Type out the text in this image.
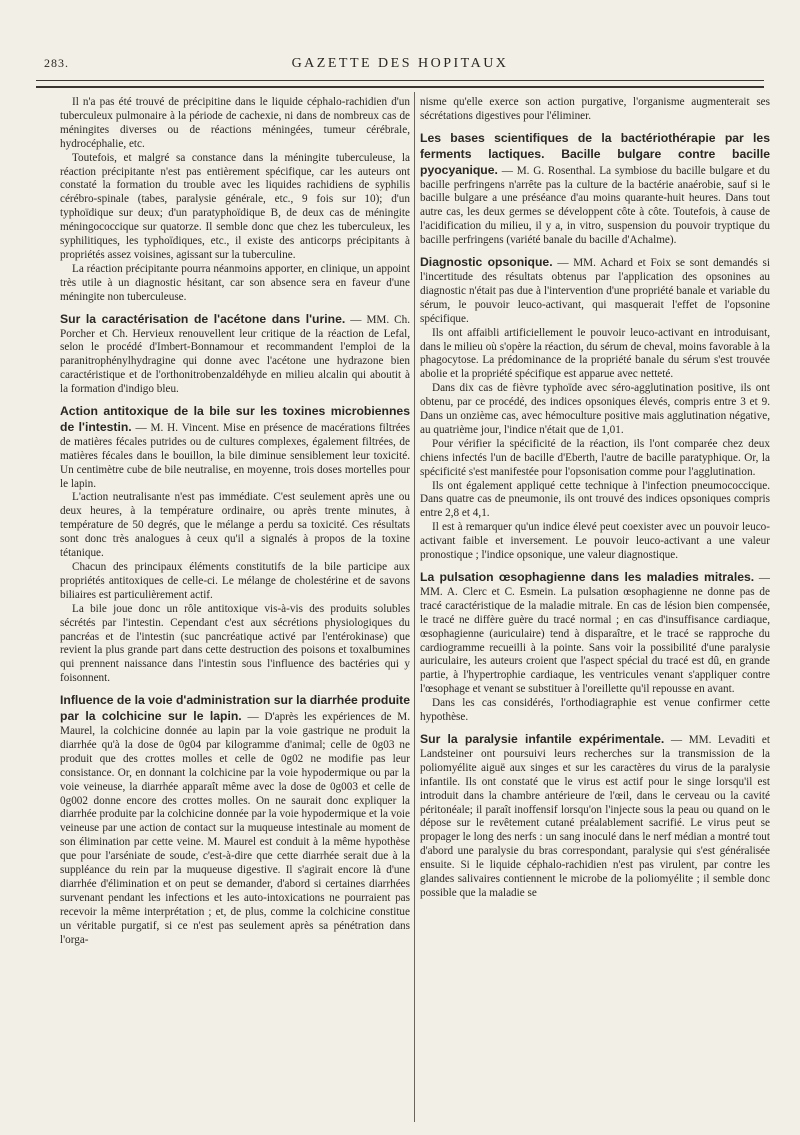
283.	GAZETTE DES HOPITAUX

Il n'a pas été trouvé de précipitine dans le liquide céphalo-rachidien d'un tuberculeux pulmonaire à la période de cachexie, ni dans de nombreux cas de méningites diverses ou de réactions méningées, tumeur cérébrale, hydrocéphalie, etc.

Toutefois, et malgré sa constance dans la méningite tuberculeuse, la réaction précipitante n'est pas entièrement spécifique, car les auteurs ont constaté la formation du trouble avec les liquides rachidiens de syphilis cérébro-spinale (tabes, paralysie générale, etc., 9 fois sur 10); d'un typhoïdique sur deux; d'un paratyphoïdique B, de deux cas de méningite méningococcique sur quatorze. Il semble donc que chez les tuberculeux, les syphilitiques, les typhoïdiques, etc., il existe des anticorps précipitants à propriétés assez voisines, agissant sur la tuberculine.

La réaction précipitante pourra néanmoins apporter, en clinique, un appoint très utile à un diagnostic hésitant, car son absence sera en faveur d'une méningite non tuberculeuse.

Sur la caractérisation de l'acétone dans l'urine. — MM. Ch. Porcher et Ch. Hervieux renouvellent leur critique de la réaction de Lefal, selon le procédé d'Imbert-Bonnamour et recommandent l'emploi de la paranitrophénylhydragine qui donne avec l'acétone une hydrazone bien caractéristique et de l'orthonitrobenzaldéhyde en milieu alcalin qui aboutit à la formation d'indigo bleu.

Action antitoxique de la bile sur les toxines microbiennes de l'intestin. — M. H. Vincent. Mise en présence de macérations filtrées de matières fécales putrides ou de cultures complexes, également filtrées, de matières fécales dans le bouillon, la bile diminue sensiblement leur toxicité. Un centimètre cube de bile neutralise, en moyenne, trois doses mortelles pour le lapin.

L'action neutralisante n'est pas immédiate. C'est seulement après une ou deux heures, à la température ordinaire, ou après trente minutes, à température de 50 degrés, que le mélange a perdu sa toxicité. Ces résultats sont donc très analogues à ceux qu'il a signalés à propos de la toxine tétanique.

Chacun des principaux éléments constitutifs de la bile participe aux propriétés antitoxiques de celle-ci. Le mélange de cholestérine et de savons biliaires est particulièrement actif.

La bile joue donc un rôle antitoxique vis-à-vis des produits solubles sécrétés par l'intestin. Cependant c'est aux sécrétions physiologiques du pancréas et de l'intestin (suc pancréatique activé par l'entérokinase) que revient la plus grande part dans cette destruction des poisons et toxalbumines qui prennent naissance dans l'intestin sous l'influence des bactéries qui y foisonnent.

Influence de la voie d'administration sur la diarrhée produite par la colchicine sur le lapin. — D'après les expériences de M. Maurel, la colchicine donnée au lapin par la voie gastrique ne produit la diarrhée qu'à la dose de 0g04 par kilogramme d'animal; celle de 0g03 ne produit que des crottes molles et celle de 0g02 ne modifie pas leur consistance. Or, en donnant la colchicine par la voie hypodermique ou par la voie veineuse, la diarrhée apparaît même avec la dose de 0g003 et celle de 0g002 donne encore des crottes molles. On ne saurait donc expliquer la diarrhée produite par la colchicine donnée par la voie hypodermique et la voie veineuse par une action de contact sur la muqueuse intestinale au moment de son élimination par cette veine. M. Maurel est conduit à la même hypothèse que pour l'arséniate de soude, c'est-à-dire que cette diarrhée serait due à la suppléance du rein par la muqueuse digestive. Il s'agirait encore là d'une diarrhée d'élimination et on peut se demander, d'abord si certaines diarrhées survenant pendant les infections et les auto-intoxications ne pourraient pas recevoir la même interprétation ; et, de plus, comme la colchicine constitue un véritable purgatif, si ce n'est pas seulement après sa pénétration dans l'orga-

nisme qu'elle exerce son action purgative, l'organisme augmenterait ses sécrétations digestives pour l'éliminer.

Les bases scientifiques de la bactériothérapie par les ferments lactiques. Bacille bulgare contre bacille pyocyanique. — M. G. Rosenthal. La symbiose du bacille bulgare et du bacille perfringens n'arrête pas la culture de la bactérie anaérobie, sauf si le bacille bulgare a une préséance d'au moins quarante-huit heures. Dans tout autre cas, les deux germes se développent côte à côte. Toutefois, à cause de l'acidification du milieu, il y a, in vitro, suspension du pouvoir tryptique du bacille perfringens (variété banale du bacille d'Achalme).

Diagnostic opsonique. — MM. Achard et Foix se sont demandés si l'incertitude des résultats obtenus par l'application des opsonines au diagnostic n'était pas due à l'intervention d'une propriété banale et variable du sérum, le pouvoir leuco-activant, qui masquerait l'effet de l'opsonine spécifique.

Ils ont affaibli artificiellement le pouvoir leuco-activant en introduisant, dans le milieu où s'opère la réaction, du sérum de cheval, moins favorable à la phagocytose. La prédominance de la propriété banale du sérum s'est trouvée abolie et la propriété spécifique est apparue avec netteté.

Dans dix cas de fièvre typhoïde avec séro-agglutination positive, ils ont obtenu, par ce procédé, des indices opsoniques élevés, compris entre 3 et 9. Dans un onzième cas, avec hémoculture positive mais agglutination négative, au quatrième jour, l'indice n'était que de 1,01.

Pour vérifier la spécificité de la réaction, ils l'ont comparée chez deux chiens infectés l'un de bacille d'Eberth, l'autre de bacille paratyphique. Or, la spécificité s'est manifestée pour l'opsonisation comme pour l'agglutination.

Ils ont également appliqué cette technique à l'infection pneumococcique. Dans quatre cas de pneumonie, ils ont trouvé des indices opsoniques compris entre 2,8 et 4,1.

Il est à remarquer qu'un indice élevé peut coexister avec un pouvoir leuco-activant faible et inversement. Le pouvoir leuco-activant a une valeur pronostique ; l'indice opsonique, une valeur diagnostique.

La pulsation œsophagienne dans les maladies mitrales. — MM. A. Clerc et C. Esmein. La pulsation œsophagienne ne donne pas de tracé caractéristique de la maladie mitrale. En cas de lésion bien compensée, le tracé ne diffère guère du tracé normal ; en cas d'insuffisance cardiaque, œsophagienne (auriculaire) tend à disparaître, et le tracé se rapproche du cardiogramme recueilli à la pointe. Sans voir la possibilité d'une paralysie auriculaire, les auteurs croient que l'aspect spécial du tracé est dû, en grande partie, à l'hypertrophie cardiaque, les ventricules venant s'appliquer contre l'œsophage et venant se substituer à l'oreillette qu'il repousse en avant.

Dans les cas considérés, l'orthodiagraphie est venue confirmer cette hypothèse.

Sur la paralysie infantile expérimentale. — MM. Levaditi et Landsteiner ont poursuivi leurs recherches sur la transmission de la poliomyélite aiguë aux singes et sur les caractères du virus de la paralysie infantile. Ils ont constaté que le virus est actif pour le singe lorsqu'il est introduit dans la chambre antérieure de l'œil, dans le cerveau ou la cavité péritonéale; il paraît inoffensif lorsqu'on l'injecte sous la peau ou quand on le dépose sur le revêtement cutané préalablement sacrifié. Le virus peut se propager le long des nerfs : un sang inoculé dans le nerf médian a montré tout d'abord une paralysie du bras correspondant, paralysie qui s'est généralisée ensuite. Si le liquide céphalo-rachidien n'est pas virulent, par contre les glandes salivaires contiennent le microbe de la poliomyélite ; il semble donc possible que la maladie se
